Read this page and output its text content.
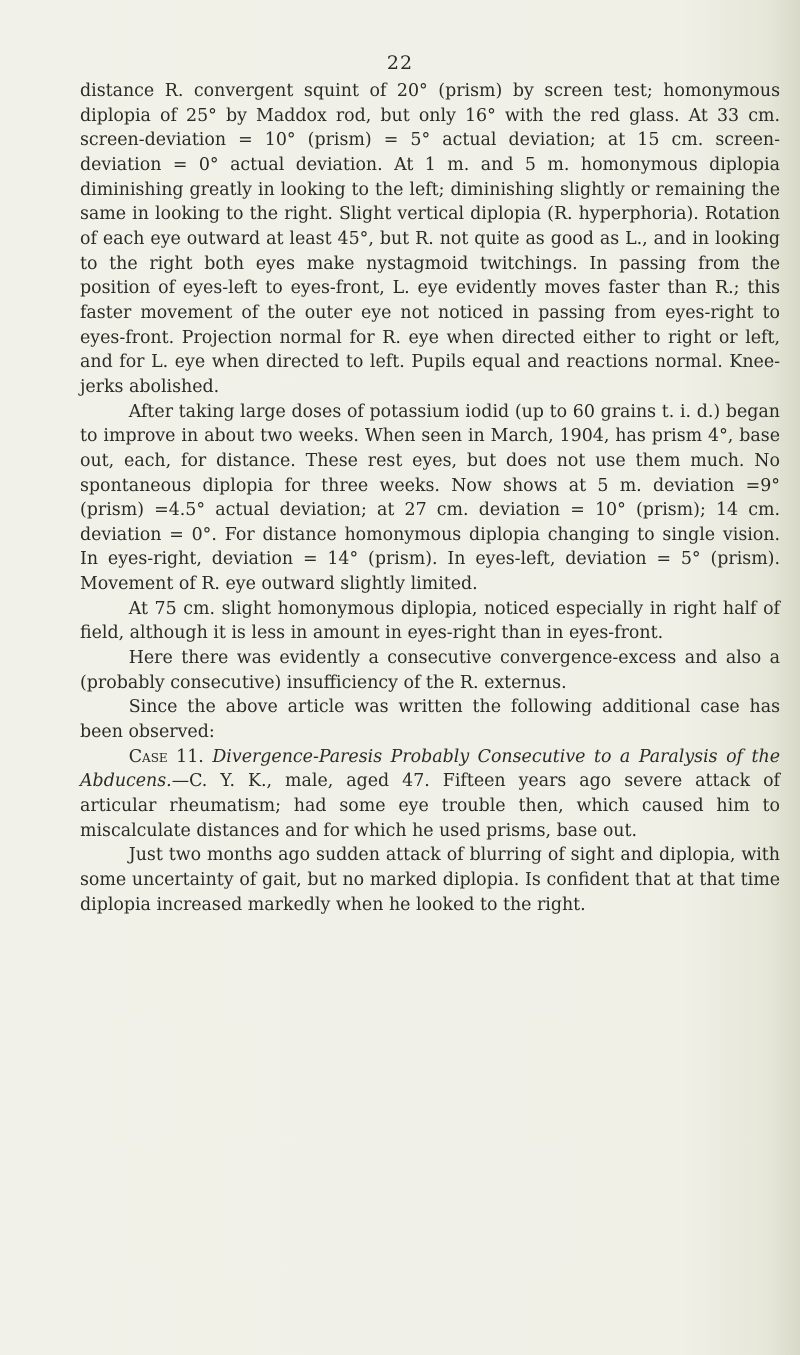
22

distance R. convergent squint of 20° (prism) by screen test; homonymous diplopia of 25° by Maddox rod, but only 16° with the red glass. At 33 cm. screen-deviation = 10° (prism) = 5° actual deviation; at 15 cm. screen-deviation = 0° actual deviation. At 1 m. and 5 m. homonymous diplopia diminishing greatly in looking to the left; diminishing slightly or remaining the same in looking to the right. Slight vertical diplopia (R. hyperphoria). Rotation of each eye outward at least 45°, but R. not quite as good as L., and in looking to the right both eyes make nystagmoid twitchings. In passing from the position of eyes-left to eyes-front, L. eye evidently moves faster than R.; this faster movement of the outer eye not noticed in passing from eyes-right to eyes-front. Projection normal for R. eye when directed either to right or left, and for L. eye when directed to left. Pupils equal and reactions normal. Knee-jerks abolished.

After taking large doses of potassium iodid (up to 60 grains t. i. d.) began to improve in about two weeks. When seen in March, 1904, has prism 4°, base out, each, for distance. These rest eyes, but does not use them much. No spontaneous diplopia for three weeks. Now shows at 5 m. deviation =9° (prism) =4.5° actual deviation; at 27 cm. deviation = 10° (prism); 14 cm. deviation = 0°. For distance homonymous diplopia changing to single vision. In eyes-right, deviation = 14° (prism). In eyes-left, deviation = 5° (prism). Movement of R. eye outward slightly limited.

At 75 cm. slight homonymous diplopia, noticed especially in right half of field, although it is less in amount in eyes-right than in eyes-front.

Here there was evidently a consecutive convergence-excess and also a (probably consecutive) insufficiency of the R. externus.

Since the above article was written the following additional case has been observed:

Case 11. Divergence-Paresis Probably Consecutive to a Paralysis of the Abducens.—C. Y. K., male, aged 47. Fifteen years ago severe attack of articular rheumatism; had some eye trouble then, which caused him to miscalculate distances and for which he used prisms, base out.

Just two months ago sudden attack of blurring of sight and diplopia, with some uncertainty of gait, but no marked diplopia. Is confident that at that time diplopia increased markedly when he looked to the right.
